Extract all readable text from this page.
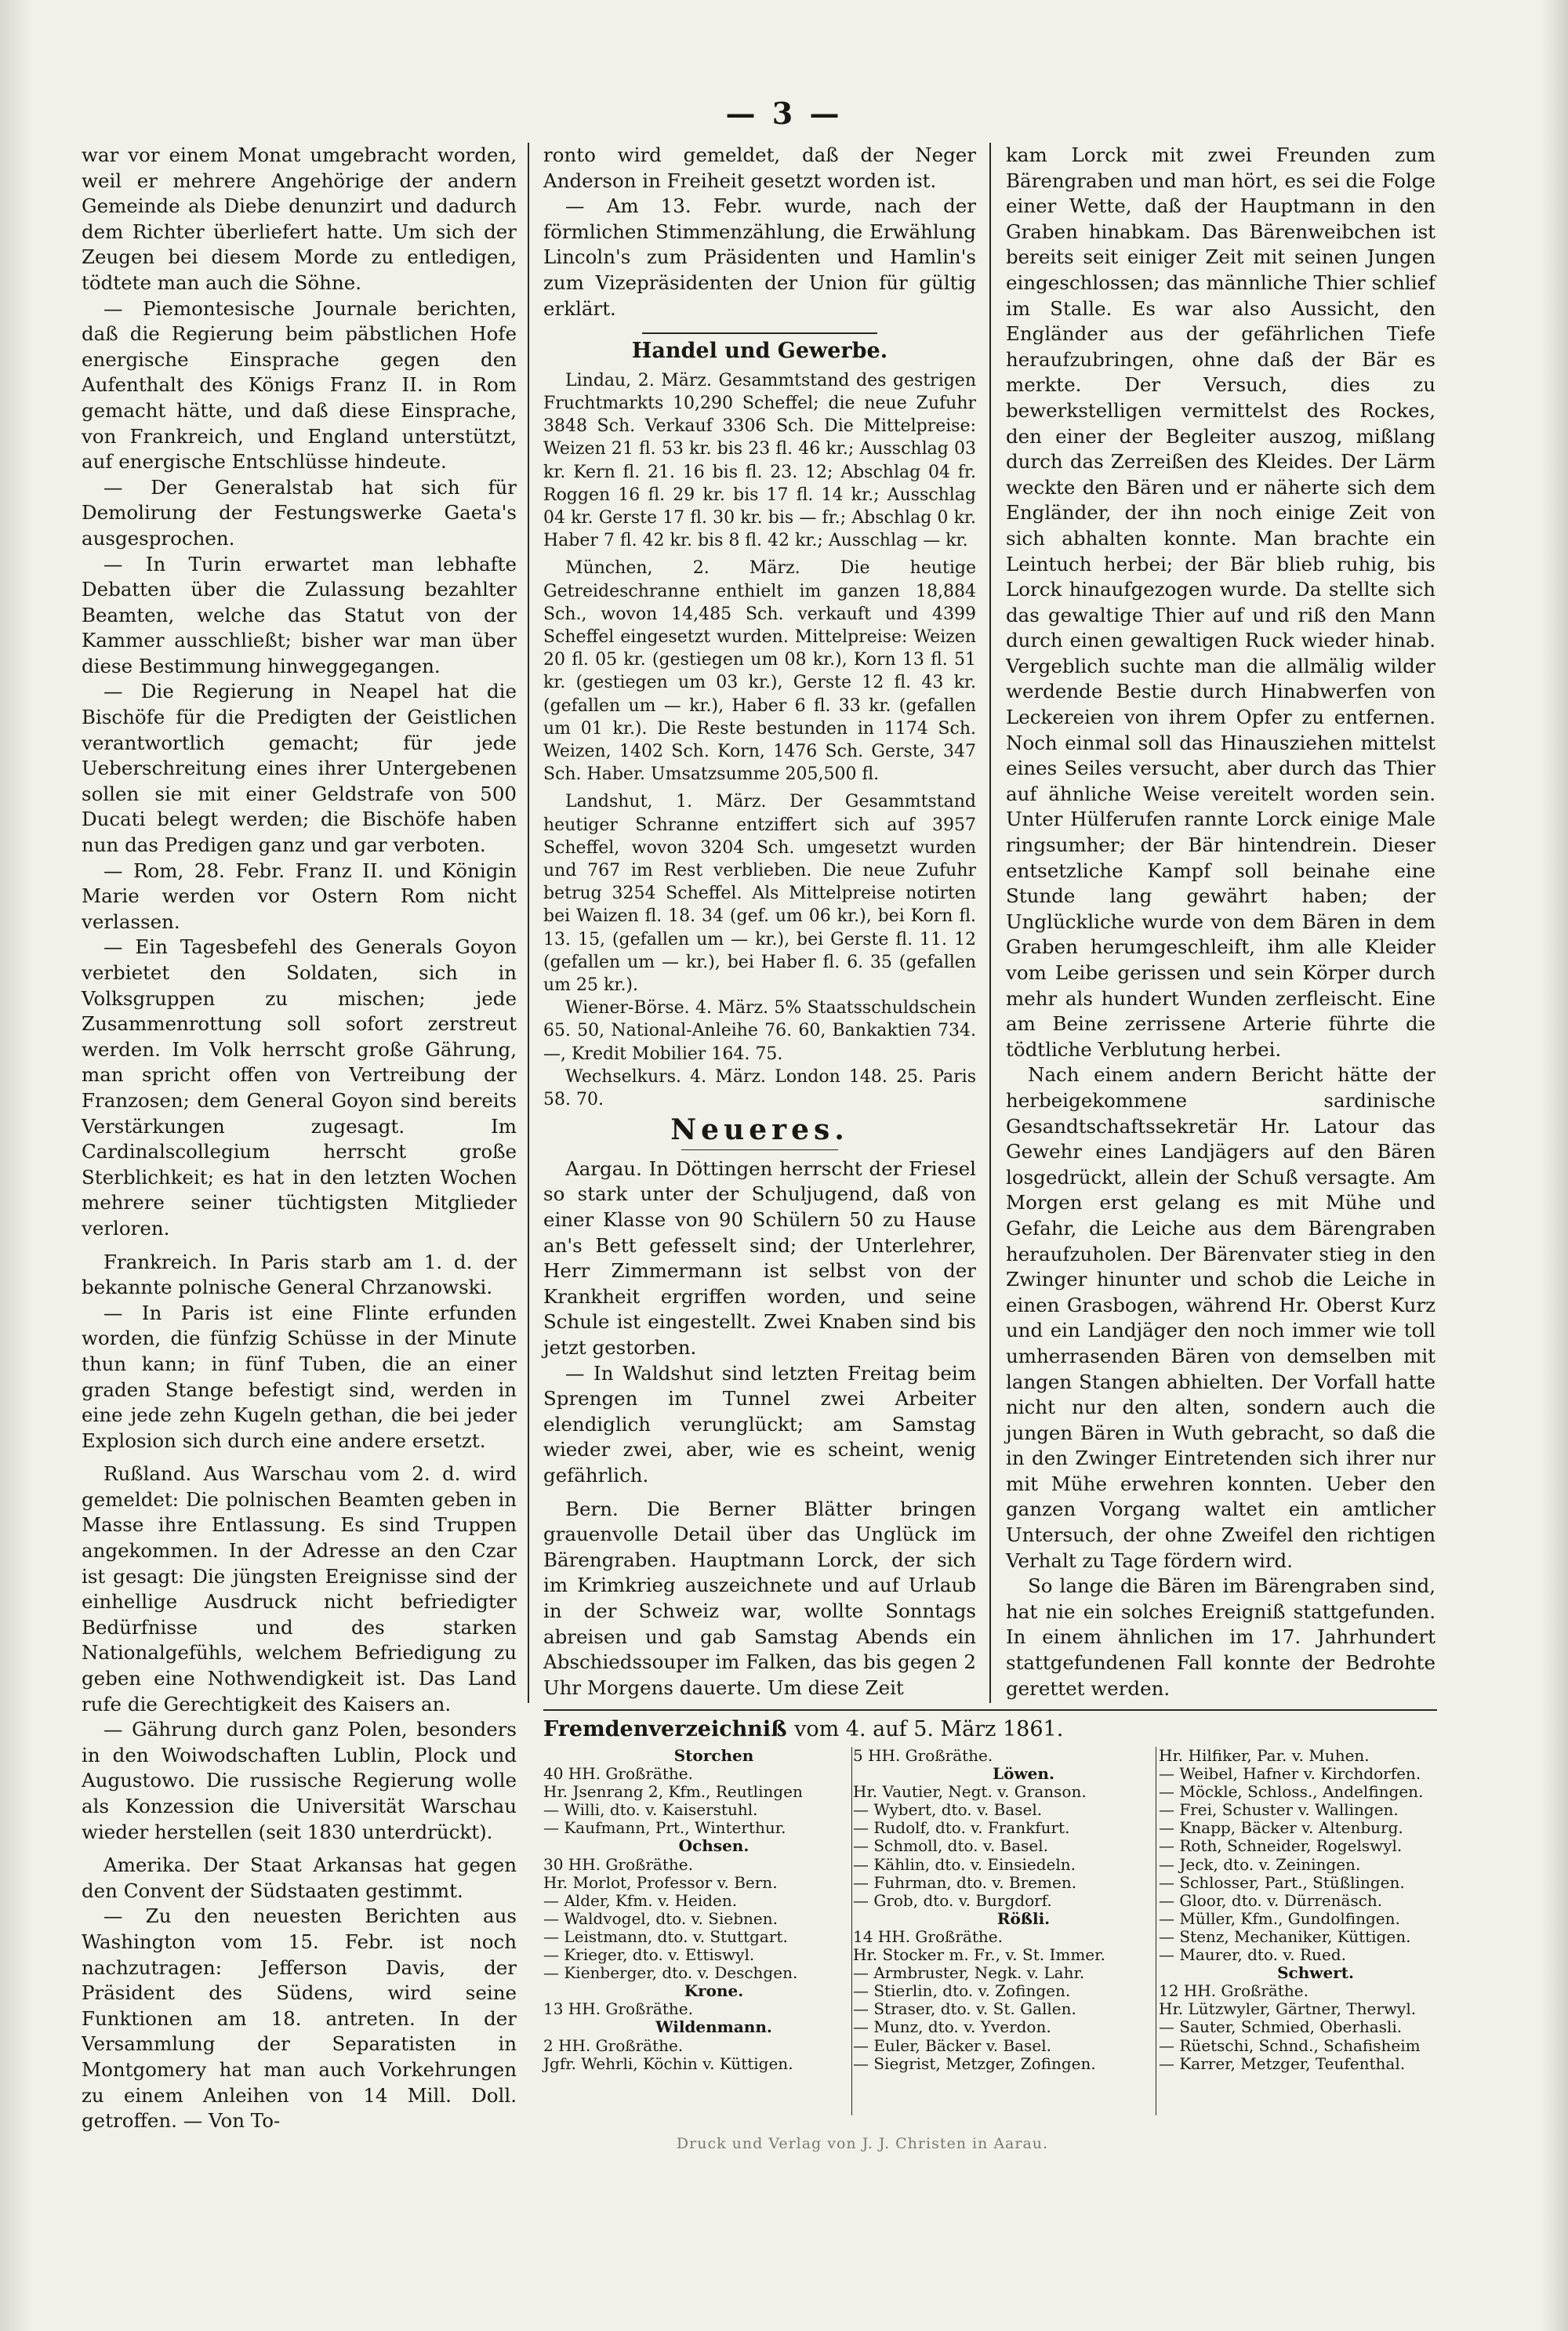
— 3 —

war vor einem Monat umgebracht worden, weil er mehrere Angehörige der andern Gemeinde als Diebe denunzirt und dadurch dem Richter überliefert hatte. Um sich der Zeugen bei diesem Morde zu entledigen, tödtete man auch die Söhne.

— Piemontesische Journale berichten, daß die Regierung beim päbstlichen Hofe energische Einsprache gegen den Aufenthalt des Königs Franz II. in Rom gemacht hätte, und daß diese Einsprache, von Frankreich, und England unterstützt, auf energische Entschlüsse hindeute.

— Der Generalstab hat sich für Demolirung der Festungswerke Gaeta's ausgesprochen.

— In Turin erwartet man lebhafte Debatten über die Zulassung bezahlter Beamten, welche das Statut von der Kammer ausschließt; bisher war man über diese Bestimmung hinweggegangen.

— Die Regierung in Neapel hat die Bischöfe für die Predigten der Geistlichen verantwortlich gemacht; für jede Ueberschreitung eines ihrer Untergebenen sollen sie mit einer Geldstrafe von 500 Ducati belegt werden; die Bischöfe haben nun das Predigen ganz und gar verboten.

— Rom, 28. Febr. Franz II. und Königin Marie werden vor Ostern Rom nicht verlassen.

— Ein Tagesbefehl des Generals Goyon verbietet den Soldaten, sich in Volksgruppen zu mischen; jede Zusammenrottung soll sofort zerstreut werden. Im Volk herrscht große Gährung, man spricht offen von Vertreibung der Franzosen; dem General Goyon sind bereits Verstärkungen zugesagt. Im Cardinalscollegium herrscht große Sterblichkeit; es hat in den letzten Wochen mehrere seiner tüchtigsten Mitglieder verloren.

Frankreich. In Paris starb am 1. d. der bekannte polnische General Chrzanowski.

— In Paris ist eine Flinte erfunden worden, die fünfzig Schüsse in der Minute thun kann; in fünf Tuben, die an einer graden Stange befestigt sind, werden in eine jede zehn Kugeln gethan, die bei jeder Explosion sich durch eine andere ersetzt.

Rußland. Aus Warschau vom 2. d. wird gemeldet: Die polnischen Beamten geben in Masse ihre Entlassung. Es sind Truppen angekommen. In der Adresse an den Czar ist gesagt: Die jüngsten Ereignisse sind der einhellige Ausdruck nicht befriedigter Bedürfnisse und des starken Nationalgefühls, welchem Befriedigung zu geben eine Nothwendigkeit ist. Das Land rufe die Gerechtigkeit des Kaisers an.

— Gährung durch ganz Polen, besonders in den Woiwodschaften Lublin, Plock und Augustowo. Die russische Regierung wolle als Konzession die Universität Warschau wieder herstellen (seit 1830 unterdrückt).

Amerika. Der Staat Arkansas hat gegen den Convent der Südstaaten gestimmt.

— Zu den neuesten Berichten aus Washington vom 15. Febr. ist noch nachzutragen: Jefferson Davis, der Präsident des Südens, wird seine Funktionen am 18. antreten. In der Versammlung der Separatisten in Montgomery hat man auch Vorkehrungen zu einem Anleihen von 14 Mill. Doll. getroffen. — Von To-

ronto wird gemeldet, daß der Neger Anderson in Freiheit gesetzt worden ist.

— Am 13. Febr. wurde, nach der förmlichen Stimmenzählung, die Erwählung Lincoln's zum Präsidenten und Hamlin's zum Vizepräsidenten der Union für gültig erklärt.

Handel und Gewerbe.

Lindau, 2. März. Gesammtstand des gestrigen Fruchtmarkts 10,290 Scheffel; die neue Zufuhr 3848 Sch. Verkauf 3306 Sch. Die Mittelpreise: Weizen 21 fl. 53 kr. bis 23 fl. 46 kr.; Ausschlag 03 kr. Kern fl. 21. 16 bis fl. 23. 12; Abschlag 04 fr. Roggen 16 fl. 29 kr. bis 17 fl. 14 kr.; Ausschlag 04 kr. Gerste 17 fl. 30 kr. bis — fr.; Abschlag 0 kr. Haber 7 fl. 42 kr. bis 8 fl. 42 kr.; Ausschlag — kr.

München, 2. März. Die heutige Getreideschranne enthielt im ganzen 18,884 Sch., wovon 14,485 Sch. verkauft und 4399 Scheffel eingesetzt wurden. Mittelpreise: Weizen 20 fl. 05 kr. (gestiegen um 08 kr.), Korn 13 fl. 51 kr. (gestiegen um 03 kr.), Gerste 12 fl. 43 kr. (gefallen um — kr.), Haber 6 fl. 33 kr. (gefallen um 01 kr.). Die Reste bestunden in 1174 Sch. Weizen, 1402 Sch. Korn, 1476 Sch. Gerste, 347 Sch. Haber. Umsatzsumme 205,500 fl.

Landshut, 1. März. Der Gesammtstand heutiger Schranne entziffert sich auf 3957 Scheffel, wovon 3204 Sch. umgesetzt wurden und 767 im Rest verblieben. Die neue Zufuhr betrug 3254 Scheffel. Als Mittelpreise notirten bei Waizen fl. 18. 34 (gef. um 06 kr.), bei Korn fl. 13. 15, (gefallen um — kr.), bei Gerste fl. 11. 12 (gefallen um — kr.), bei Haber fl. 6. 35 (gefallen um 25 kr.).

Wiener-Börse. 4. März. 5% Staatsschuldschein 65. 50, National-Anleihe 76. 60, Bankaktien 734. —, Kredit Mobilier 164. 75.

Wechselkurs. 4. März. London 148. 25. Paris 58. 70.

Neueres.

Aargau. In Döttingen herrscht der Friesel so stark unter der Schuljugend, daß von einer Klasse von 90 Schülern 50 zu Hause an's Bett gefesselt sind; der Unterlehrer, Herr Zimmermann ist selbst von der Krankheit ergriffen worden, und seine Schule ist eingestellt. Zwei Knaben sind bis jetzt gestorben.

— In Waldshut sind letzten Freitag beim Sprengen im Tunnel zwei Arbeiter elendiglich verunglückt; am Samstag wieder zwei, aber, wie es scheint, wenig gefährlich.

Bern. Die Berner Blätter bringen grauenvolle Detail über das Unglück im Bärengraben. Hauptmann Lorck, der sich im Krimkrieg auszeichnete und auf Urlaub in der Schweiz war, wollte Sonntags abreisen und gab Samstag Abends ein Abschiedssouper im Falken, das bis gegen 2 Uhr Morgens dauerte. Um diese Zeit

kam Lorck mit zwei Freunden zum Bärengraben und man hört, es sei die Folge einer Wette, daß der Hauptmann in den Graben hinabkam. Das Bärenweibchen ist bereits seit einiger Zeit mit seinen Jungen eingeschlossen; das männliche Thier schlief im Stalle. Es war also Aussicht, den Engländer aus der gefährlichen Tiefe heraufzubringen, ohne daß der Bär es merkte. Der Versuch, dies zu bewerkstelligen vermittelst des Rockes, den einer der Begleiter auszog, mißlang durch das Zerreißen des Kleides. Der Lärm weckte den Bären und er näherte sich dem Engländer, der ihn noch einige Zeit von sich abhalten konnte. Man brachte ein Leintuch herbei; der Bär blieb ruhig, bis Lorck hinaufgezogen wurde. Da stellte sich das gewaltige Thier auf und riß den Mann durch einen gewaltigen Ruck wieder hinab. Vergeblich suchte man die allmälig wilder werdende Bestie durch Hinabwerfen von Leckereien von ihrem Opfer zu entfernen. Noch einmal soll das Hinausziehen mittelst eines Seiles versucht, aber durch das Thier auf ähnliche Weise vereitelt worden sein. Unter Hülferufen rannte Lorck einige Male ringsumher; der Bär hintendrein. Dieser entsetzliche Kampf soll beinahe eine Stunde lang gewährt haben; der Unglückliche wurde von dem Bären in dem Graben herumgeschleift, ihm alle Kleider vom Leibe gerissen und sein Körper durch mehr als hundert Wunden zerfleischt. Eine am Beine zerrissene Arterie führte die tödtliche Verblutung herbei.

Nach einem andern Bericht hätte der herbeigekommene sardinische Gesandtschaftssekretär Hr. Latour das Gewehr eines Landjägers auf den Bären losgedrückt, allein der Schuß versagte. Am Morgen erst gelang es mit Mühe und Gefahr, die Leiche aus dem Bärengraben heraufzuholen. Der Bärenvater stieg in den Zwinger hinunter und schob die Leiche in einen Grasbogen, während Hr. Oberst Kurz und ein Landjäger den noch immer wie toll umherrasenden Bären von demselben mit langen Stangen abhielten. Der Vorfall hatte nicht nur den alten, sondern auch die jungen Bären in Wuth gebracht, so daß die in den Zwinger Eintretenden sich ihrer nur mit Mühe erwehren konnten. Ueber den ganzen Vorgang waltet ein amtlicher Untersuch, der ohne Zweifel den richtigen Verhalt zu Tage fördern wird.

So lange die Bären im Bärengraben sind, hat nie ein solches Ereigniß stattgefunden. In einem ähnlichen im 17. Jahrhundert stattgefundenen Fall konnte der Bedrohte gerettet werden.

Fremdenverzeichniß vom 4. auf 5. März 1861.
Storchen
40 HH. Großräthe.
Hr. Jsenrang 2, Kfm., Reutlingen
— Willi, dto. v. Kaiserstuhl.
— Kaufmann, Prt., Winterthur.
Ochsen.
30 HH. Großräthe.
Hr. Morlot, Professor v. Bern.
— Alder, Kfm. v. Heiden.
— Waldvogel, dto. v. Siebnen.
— Leistmann, dto. v. Stuttgart.
— Krieger, dto. v. Ettiswyl.
— Kienberger, dto. v. Deschgen.
Krone.
13 HH. Großräthe.
Wildenmann.
2 HH. Großräthe.
Jgfr. Wehrli, Köchin v. Küttigen.
5 HH. Großräthe.
Löwen.
Hr. Vautier, Negt. v. Granson.
— Wybert, dto. v. Basel.
— Rudolf, dto. v. Frankfurt.
— Schmoll, dto. v. Basel.
— Kählin, dto. v. Einsiedeln.
— Fuhrman, dto. v. Bremen.
— Grob, dto. v. Burgdorf.
Rößli.
14 HH. Großräthe.
Hr. Stocker m. Fr., v. St. Immer.
— Armbruster, Negk. v. Lahr.
— Stierlin, dto. v. Zofingen.
— Straser, dto. v. St. Gallen.
— Munz, dto. v. Yverdon.
— Euler, Bäcker v. Basel.
— Siegrist, Metzger, Zofingen.
Hr. Hilfiker, Par. v. Muhen.
— Weibel, Hafner v. Kirchdorfen.
— Möckle, Schloss., Andelfingen.
— Frei, Schuster v. Wallingen.
— Knapp, Bäcker v. Altenburg.
— Roth, Schneider, Rogelswyl.
— Jeck, dto. v. Zeiningen.
— Schlosser, Part., Stüßlingen.
— Gloor, dto. v. Dürrenäsch.
— Müller, Kfm., Gundolfingen.
— Stenz, Mechaniker, Küttigen.
— Maurer, dto. v. Rued.
Schwert.
12 HH. Großräthe.
Hr. Lützwyler, Gärtner, Therwyl.
— Sauter, Schmied, Oberhasli.
— Rüetschi, Schnd., Schafisheim
— Karrer, Metzger, Teufenthal.
Druck und Verlag von J. J. Christen in Aarau.
